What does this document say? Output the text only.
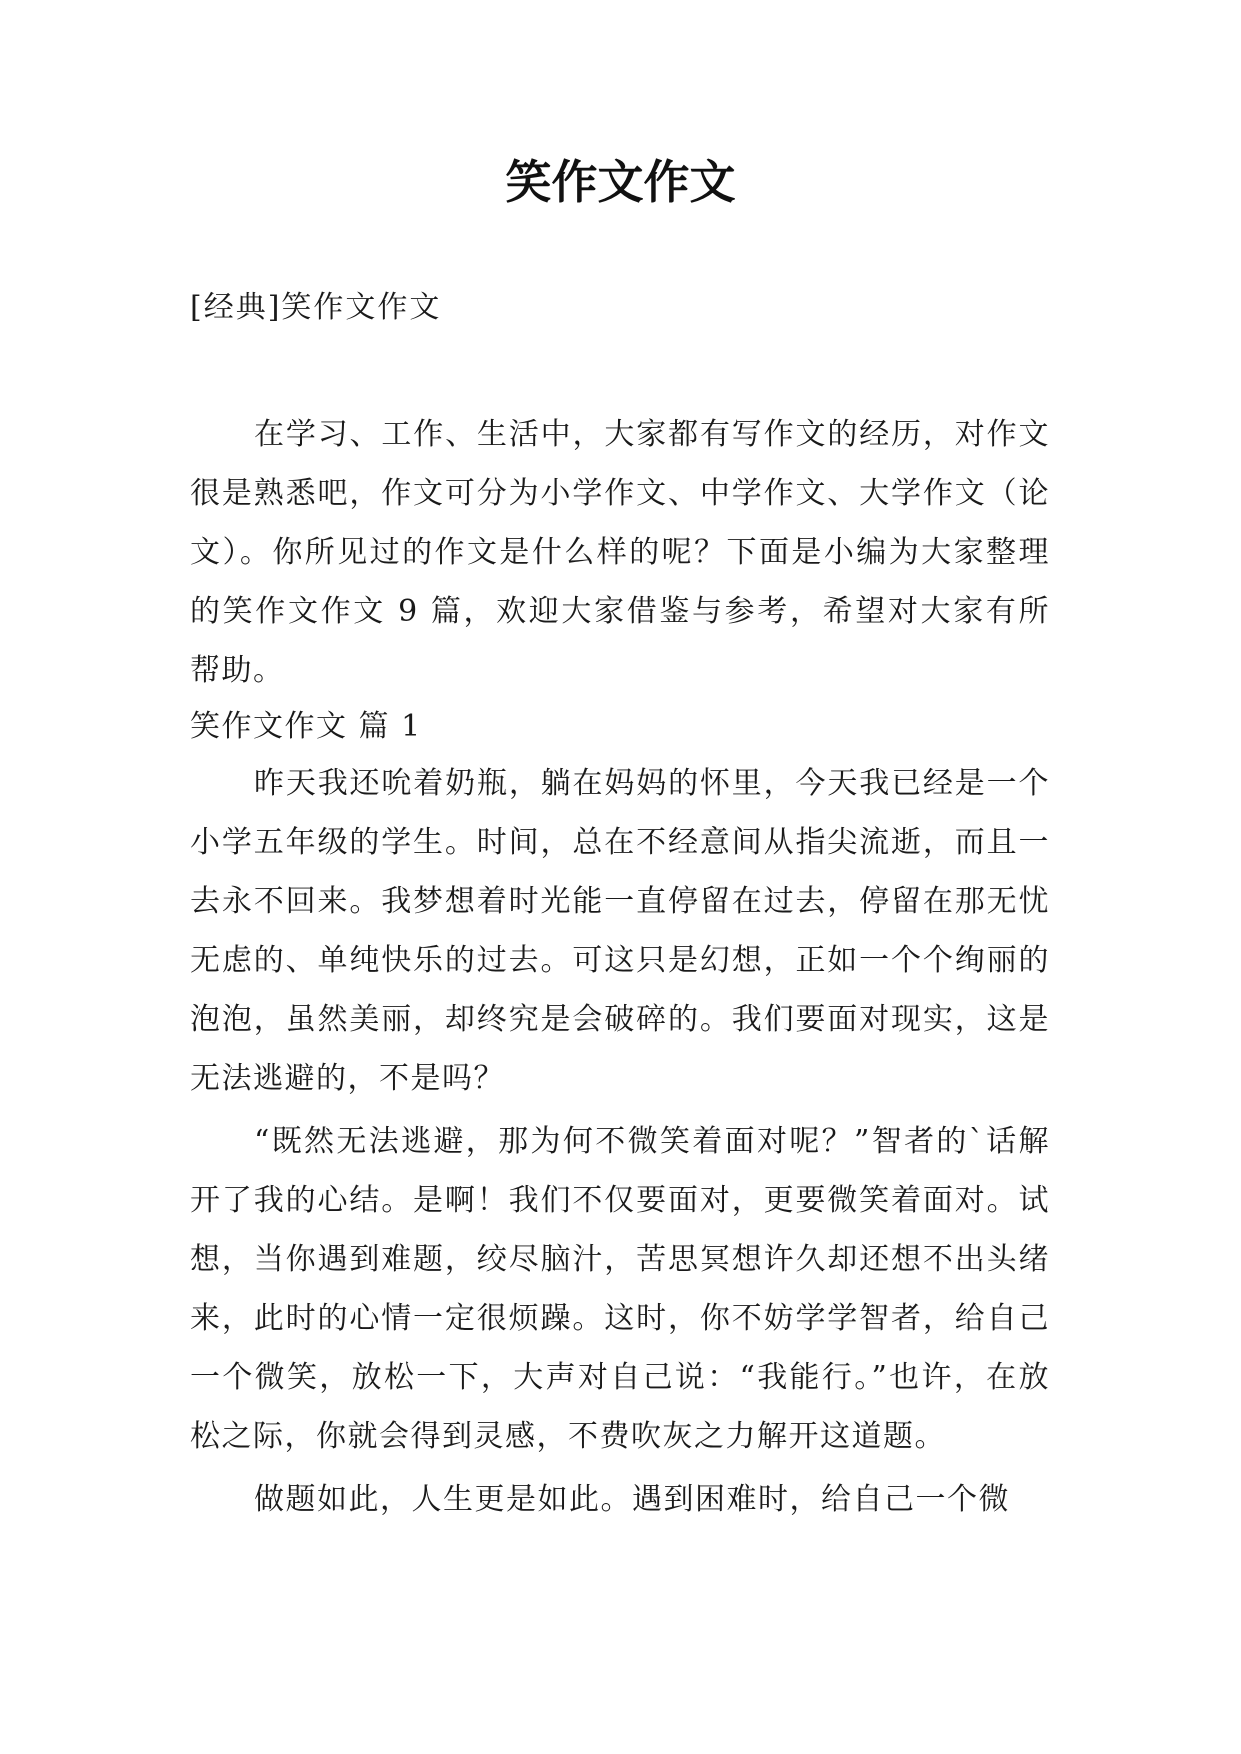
笑作文作文

[经典]笑作文作文

在学习、工作、生活中，大家都有写作文的经历，对作文很是熟悉吧，作文可分为小学作文、中学作文、大学作文（论文）。你所见过的作文是什么样的呢？下面是小编为大家整理的笑作文作文 9 篇，欢迎大家借鉴与参考，希望对大家有所帮助。

笑作文作文 篇 1

昨天我还吮着奶瓶，躺在妈妈的怀里，今天我已经是一个小学五年级的学生。时间，总在不经意间从指尖流逝，而且一去永不回来。我梦想着时光能一直停留在过去，停留在那无忧无虑的、单纯快乐的过去。可这只是幻想，正如一个个绚丽的泡泡，虽然美丽，却终究是会破碎的。我们要面对现实，这是无法逃避的，不是吗？

“既然无法逃避，那为何不微笑着面对呢？”智者的`话解开了我的心结。是啊！我们不仅要面对，更要微笑着面对。试想，当你遇到难题，绞尽脑汁，苦思冥想许久却还想不出头绪来，此时的心情一定很烦躁。这时，你不妨学学智者，给自己一个微笑，放松一下，大声对自己说：“我能行。”也许，在放松之际，你就会得到灵感，不费吹灰之力解开这道题。

做题如此，人生更是如此。遇到困难时，给自己一个微
